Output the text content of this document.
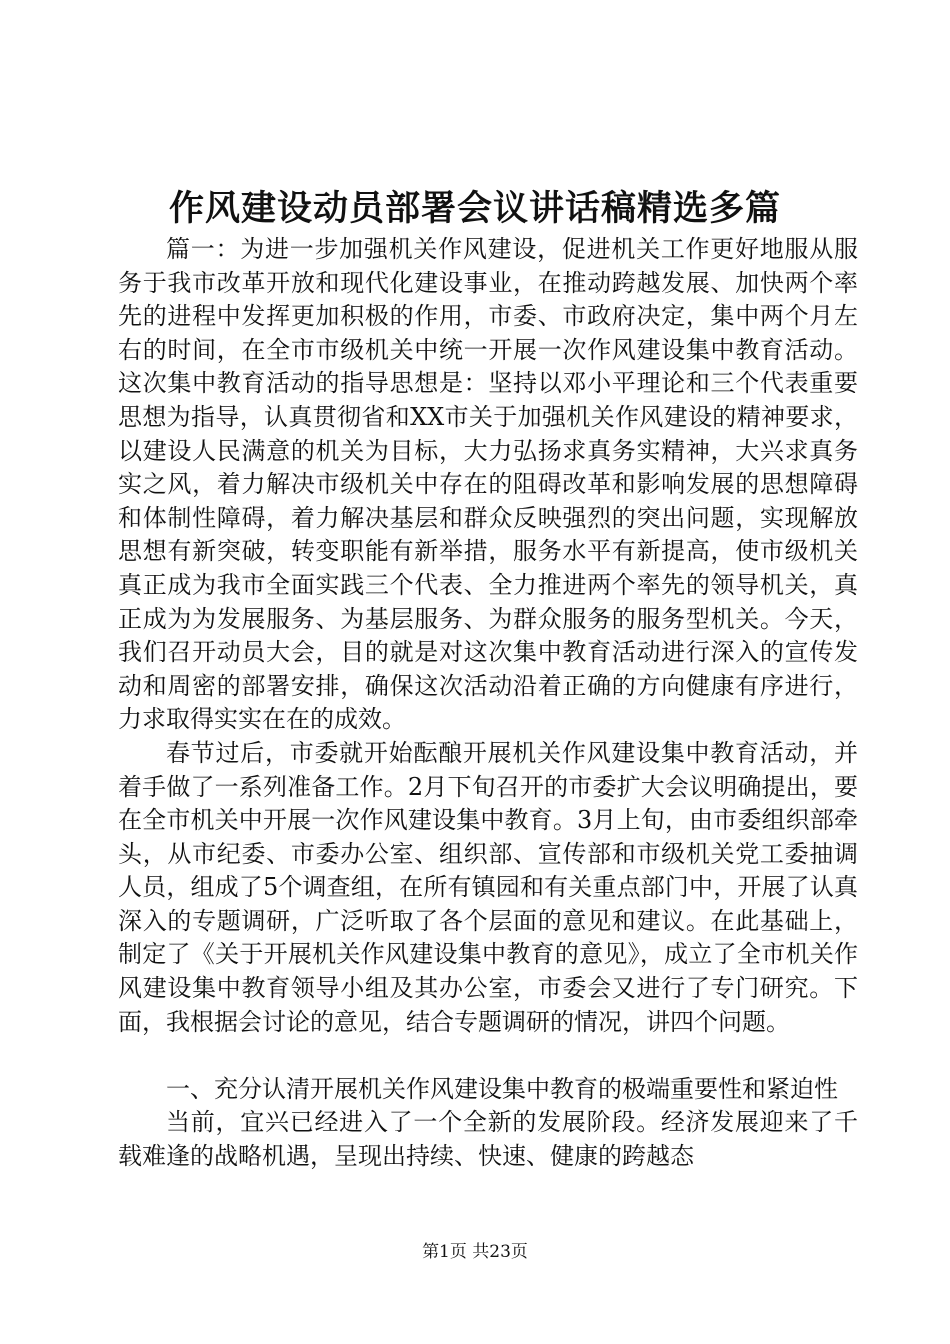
作风建设动员部署会议讲话稿精选多篇

篇一：为进一步加强机关作风建设，促进机关工作更好地服从服务于我市改革开放和现代化建设事业，在推动跨越发展、加快两个率先的进程中发挥更加积极的作用，市委、市政府决定，集中两个月左右的时间，在全市市级机关中统一开展一次作风建设集中教育活动。这次集中教育活动的指导思想是：坚持以邓小平理论和三个代表重要思想为指导，认真贯彻省和XX市关于加强机关作风建设的精神要求，以建设人民满意的机关为目标，大力弘扬求真务实精神，大兴求真务实之风，着力解决市级机关中存在的阻碍改革和影响发展的思想障碍和体制性障碍，着力解决基层和群众反映强烈的突出问题，实现解放思想有新突破，转变职能有新举措，服务水平有新提高，使市级机关真正成为我市全面实践三个代表、全力推进两个率先的领导机关，真正成为为发展服务、为基层服务、为群众服务的服务型机关。今天，我们召开动员大会，目的就是对这次集中教育活动进行深入的宣传发动和周密的部署安排，确保这次活动沿着正确的方向健康有序进行，力求取得实实在在的成效。

春节过后，市委就开始酝酿开展机关作风建设集中教育活动，并着手做了一系列准备工作。2月下旬召开的市委扩大会议明确提出，要在全市机关中开展一次作风建设集中教育。3月上旬，由市委组织部牵头，从市纪委、市委办公室、组织部、宣传部和市级机关党工委抽调人员，组成了5个调查组，在所有镇园和有关重点部门中，开展了认真深入的专题调研，广泛听取了各个层面的意见和建议。在此基础上，制定了《关于开展机关作风建设集中教育的意见》，成立了全市机关作风建设集中教育领导小组及其办公室，市委会又进行了专门研究。下面，我根据会讨论的意见，结合专题调研的情况，讲四个问题。

一、充分认清开展机关作风建设集中教育的极端重要性和紧迫性

当前，宜兴已经进入了一个全新的发展阶段。经济发展迎来了千载难逢的战略机遇，呈现出持续、快速、健康的跨越态

第1页 共23页
